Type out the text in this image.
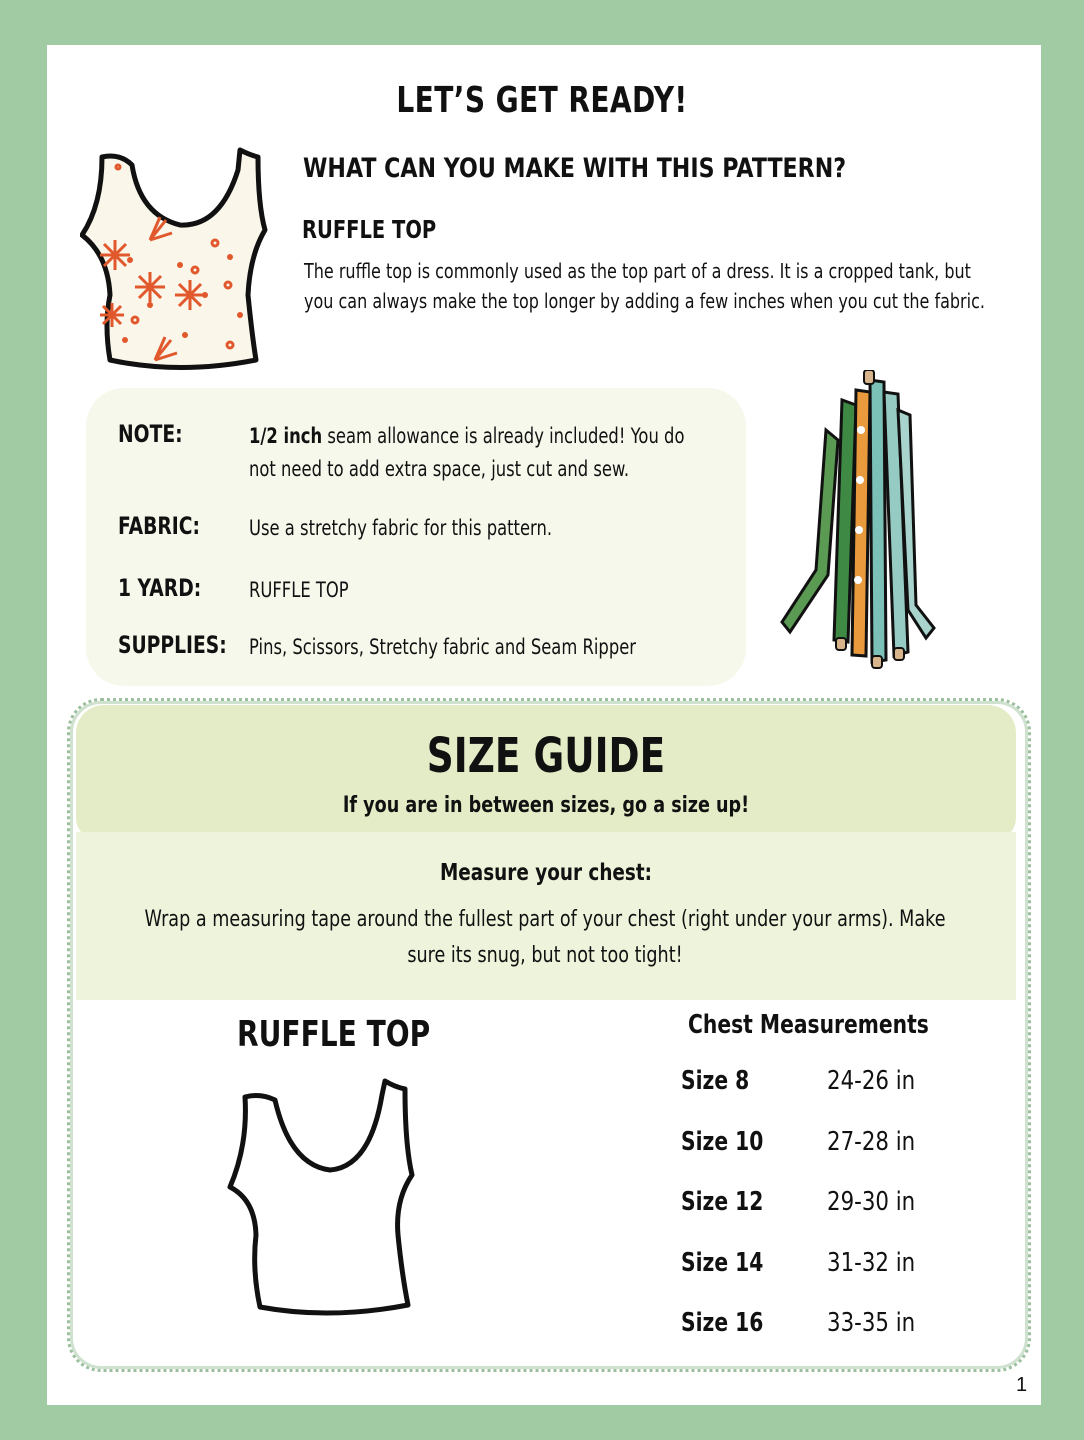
LET’S GET READY!
WHAT CAN YOU MAKE WITH THIS PATTERN?
RUFFLE TOP
The ruffle top is commonly used as the top part of a dress. It is a cropped tank, but you can always make the top longer by adding a few inches when you cut the fabric.
NOTE:	1/2 inch seam allowance is already included! You do not need to add extra space, just cut and sew.
FABRIC: Use a stretchy fabric for this pattern.
1 YARD: RUFFLE TOP
SUPPLIES: Pins, Scissors, Stretchy fabric and Seam Ripper
SIZE GUIDE
If you are in between sizes, go a size up!
Measure your chest:
Wrap a measuring tape around the fullest part of your chest (right under your arms). Make sure its snug, but not too tight!
RUFFLE TOP	Chest Measurements
Size 8	24-26 in
Size 10 27-28 in
Size 12 29-30 in
Size 14 31-32 in
Size 16 33-35 in
1
